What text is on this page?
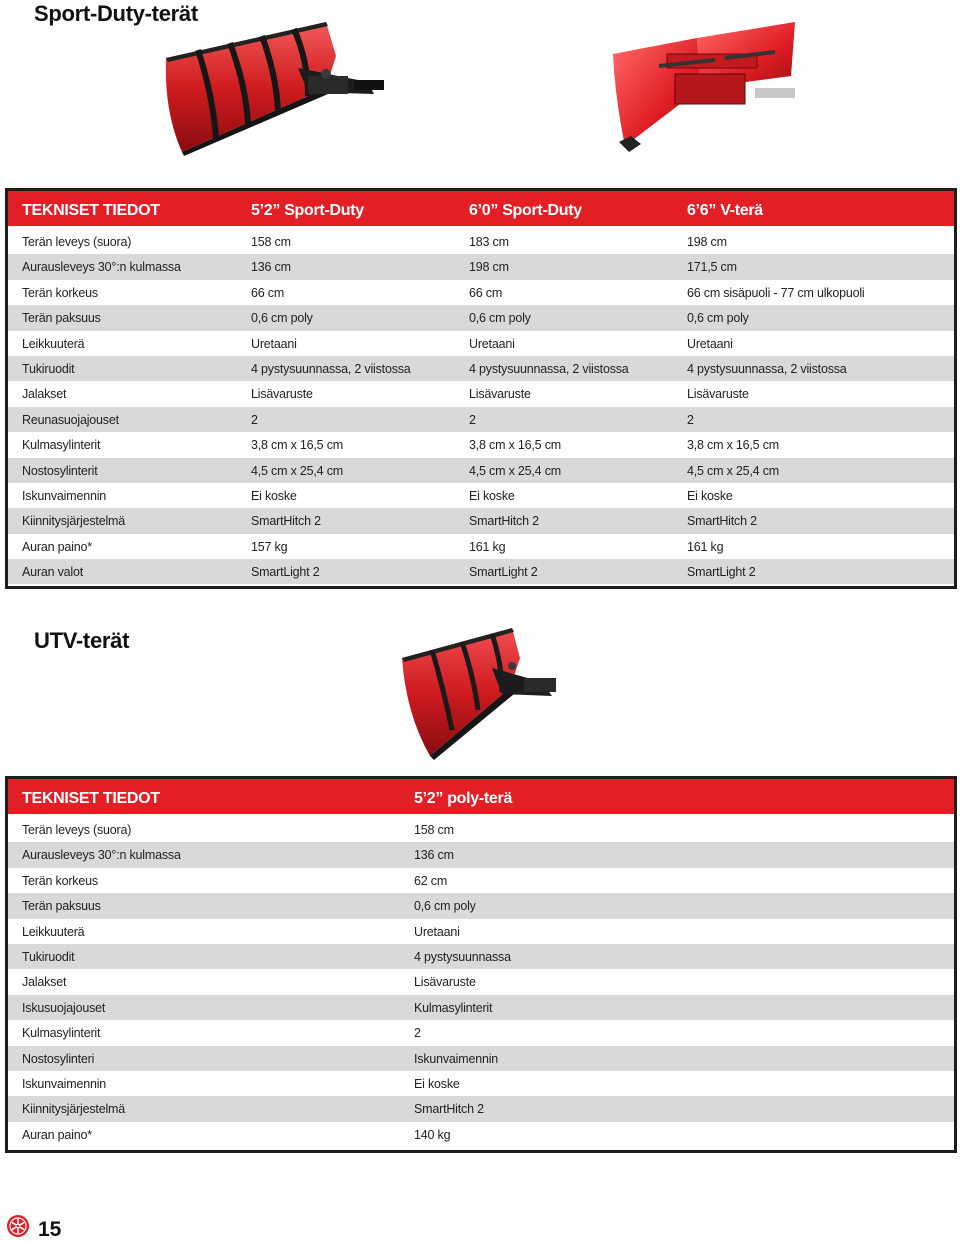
Sport-Duty-terät
TEKNISET TIEDOT	5’2” Sport-Duty	6’0” Sport-Duty	6’6” V-terä
Terän leveys (suora)	158 cm	183 cm	198 cm
Aurausleveys 30°:n kulmassa	136 cm	198 cm	171,5 cm
Terän korkeus	66 cm	66 cm	66 cm sisäpuoli - 77 cm ulkopuoli
Terän paksuus	0,6 cm poly	0,6 cm poly	0,6 cm poly
Leikkuuterä	Uretaani	Uretaani	Uretaani
Tukiruodit	4 pystysuunnassa, 2 viistossa	4 pystysuunnassa, 2 viistossa	4 pystysuunnassa, 2 viistossa
Jalakset	Lisävaruste	Lisävaruste	Lisävaruste
Reunasuojajouset	2	2	2
Kulmasylinterit	3,8 cm x 16,5 cm	3,8 cm x 16,5 cm	3,8 cm x 16,5 cm
Nostosylinterit	4,5 cm x 25,4 cm	4,5 cm x 25,4 cm	4,5 cm x 25,4 cm
Iskunvaimennin	Ei koske	Ei koske	Ei koske
Kiinnitysjärjestelmä	SmartHitch 2	SmartHitch 2	SmartHitch 2
Auran paino*	157 kg	161 kg	161 kg
Auran valot	SmartLight 2	SmartLight 2	SmartLight 2
UTV-terät
TEKNISET TIEDOT	5’2” poly-terä
Terän leveys (suora)	158 cm
Aurausleveys 30°:n kulmassa	136 cm
Terän korkeus	62 cm
Terän paksuus	0,6 cm poly
Leikkuuterä	Uretaani
Tukiruodit	4 pystysuunnassa
Jalakset	Lisävaruste
Iskusuojajouset	Kulmasylinterit
Kulmasylinterit	2
Nostosylinteri	Iskunvaimennin
Iskunvaimennin	Ei koske
Kiinnitysjärjestelmä	SmartHitch 2
Auran paino*	140 kg
15
